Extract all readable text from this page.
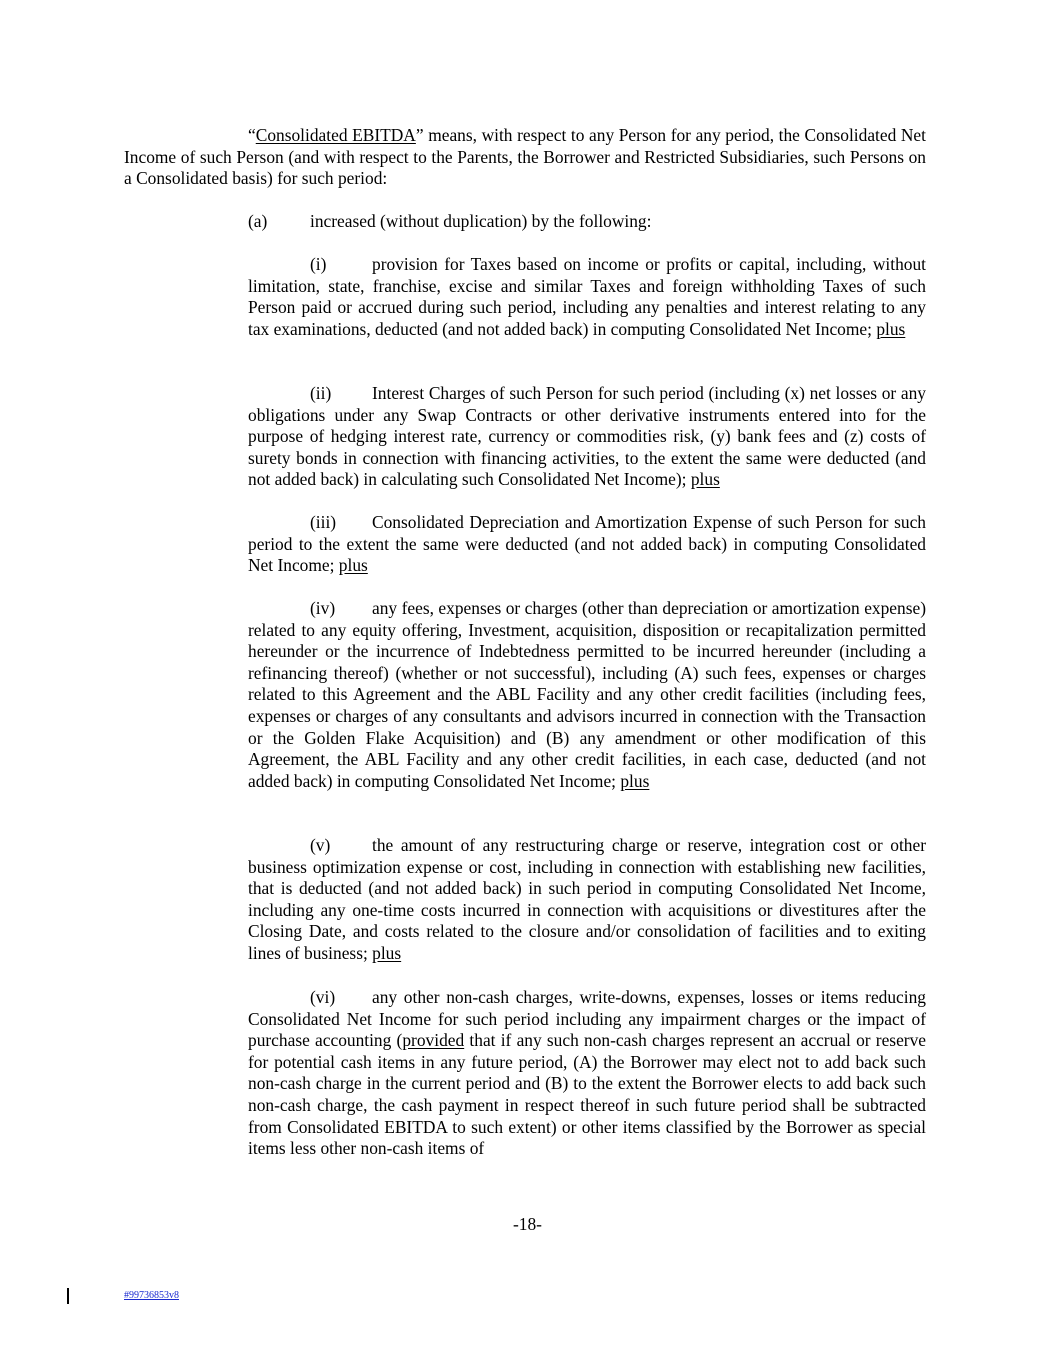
“Consolidated EBITDA” means, with respect to any Person for any period, the Consolidated Net Income of such Person (and with respect to the Parents, the Borrower and Restricted Subsidiaries, such Persons on a Consolidated basis) for such period:

(a) increased (without duplication) by the following:

(i)	provision for Taxes based on income or profits or capital, including, without limitation, state, franchise, excise and similar Taxes and foreign withholding Taxes of such Person paid or accrued during such period, including any penalties and interest relating to any tax examinations, deducted (and not added back) in computing Consolidated Net Income; plus

(ii) Interest Charges of such Person for such period (including (x) net losses or any obligations under any Swap Contracts or other derivative instruments entered into for the purpose of hedging interest rate, currency or commodities risk, (y) bank fees and (z) costs of surety bonds in connection with financing activities, to the extent the same were deducted (and not added back) in calculating such Consolidated Net Income); plus

(iii) Consolidated Depreciation and Amortization Expense of such Person for such period to the extent the same were deducted (and not added back) in computing Consolidated Net Income; plus

(iv) any fees, expenses or charges (other than depreciation or amortization expense) related to any equity offering, Investment, acquisition, disposition or recapitalization permitted hereunder or the incurrence of Indebtedness permitted to be incurred hereunder (including a refinancing thereof) (whether or not successful), including (A) such fees, expenses or charges related to this Agreement and the ABL Facility and any other credit facilities (including fees, expenses or charges of any consultants and advisors incurred in connection with the Transaction or the Golden Flake Acquisition) and (B) any amendment or other modification of this Agreement, the ABL Facility and any other credit facilities, in each case, deducted (and not added back) in computing Consolidated Net Income; plus

(v) the amount of any restructuring charge or reserve, integration cost or other business optimization expense or cost, including in connection with establishing new facilities, that is deducted (and not added back) in such period in computing Consolidated Net Income, including any one-time costs incurred in connection with acquisitions or divestitures after the Closing Date, and costs related to the closure and/or consolidation of facilities and to exiting lines of business; plus

(vi) any other non-cash charges, write-downs, expenses, losses or items reducing Consolidated Net Income for such period including any impairment charges or the impact of purchase accounting (provided that if any such non-cash charges represent an accrual or reserve for potential cash items in any future period, (A) the Borrower may elect not to add back such non-cash charge in the current period and (B) to the extent the Borrower elects to add back such non-cash charge, the cash payment in respect thereof in such future period shall be subtracted from Consolidated EBITDA to such extent) or other items classified by the Borrower as special items less other non-cash items of

-18-
#99736853v8
